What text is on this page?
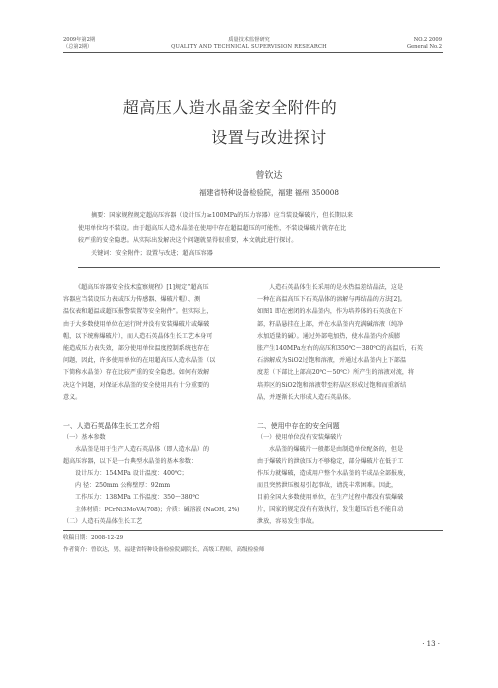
2009年第2期
（总第2期）
质量技术监督研究
QUALITY AND TECHNICAL SUPERVISION RESEARCH
NO.2 2009
General No.2
超高压人造水晶釜安全附件的
设置与改进探讨
曾钦达
福建省特种设备检验院，福建 福州 350008
摘要：国家规程规定超高压容器（设计压力≥100MPa的压力容器）应当装设爆破片，但长期以来
使用单位均不装设。由于超高压人造水晶釜在使用中存在超温超压的可能性，不装设爆破片就存在比
较严重的安全隐患。从实际出发解决这个问题就显得很重要，本文就此进行探讨。
关键词：安全附件；设置与改进；超高压容器
《超高压容器安全技术监察规程》[1]规定“超高压
容器应当装设压力表或压力传感器、爆破片帽）、测
温仪表和超温或超压报警装置等安全附件”。但实际上，
由于大多数使用单位在运行时并没有安装爆破片或爆破
帽，以下统称爆破片），而人造石英晶体生长工艺本身可
能造成压力表失效，部分使用单位温度控制系统也存在
问题，因此，许多使用单位的在用超高压人造水晶釜（以
下简称水晶釜）存在比较严重的安全隐患。如何有效解
决这个问题，对保证水晶釜的安全使用具有十分重要的
意义。
人造石英晶体生长采用的是水热温差结晶法，这是
一种在高温高压下石英晶体的溶解与再结晶的方法[2]。
如图1 即在密闭的水晶釜内，作为培养体的石英放在下
部，籽晶悬挂在上部，并在水晶釜内充满碱溶液（纯净
水加适量的碱）。通过外部电加热，使水晶釜内介质膨
胀产生140MPa左右的高压和350℃～380℃的高温后，石英
石溶解成为SiO2过饱和溶液，并通过水晶釜内上下部温
度差（下部比上部高20℃～50℃）所产生的溶液对流，将
培养区的SiO2饱和溶液带至籽晶区形成过饱和而重新结
晶，并逐渐长大形成人造石英晶体。
一、人造石英晶体生长工艺介绍
（一）基本参数
水晶釜是用于生产人造石英晶体（即人造水晶）的
超高压容器，以下是一台典型水晶釜的基本参数：
设计压力：154MPa 设计温度：400℃；
内 径：250mm 公称壁厚：92mm
工作压力：138MPa 工作温度：350～380℃
主体材质：PCrNi3MoVA(708)；介质：碱溶液 (NaOH, 2%)
（二）人造石英晶体生长工艺
二、使用中存在的安全问题
（一）使用单位没有安装爆破片
水晶釜的爆破片一般都是由制造单位配备的，但是
由于爆破片的泄放压力不够稳定，部分爆破片在低于工
作压力就爆破，造成用户整个水晶釜的半成品全部报废，
而且突然泄压极易引起事故，请洗丰常困难。因此，
目前全国大多数使用单位，在生产过程中都没有装爆破
片，国家的规定没有有效执行，发生超压后也不能自动
泄放，容易发生事故。
收稿日期：2008-12-29
作者简介：曾钦达，男，福建省特种设备检验院副院长，高级工程师，高级检验师
· 13 ·
